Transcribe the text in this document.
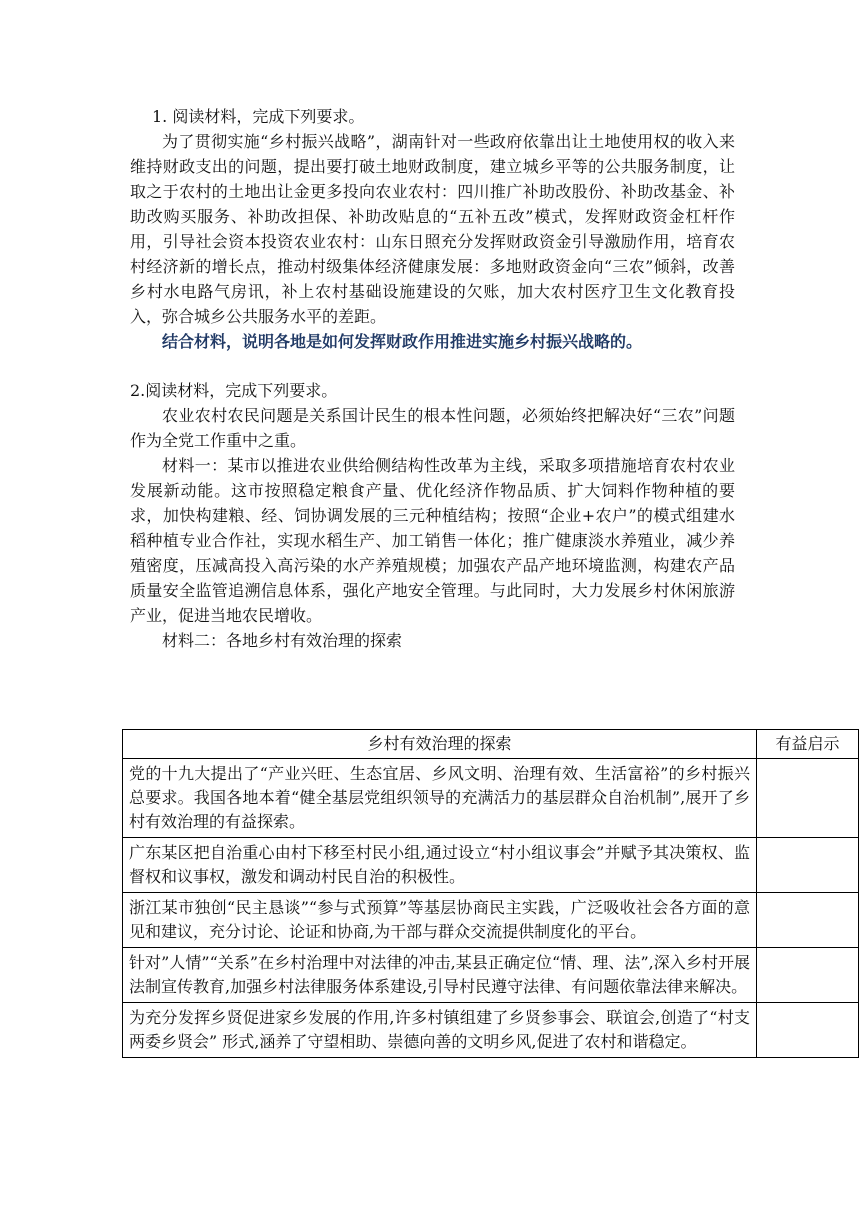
1. 阅读材料，完成下列要求。

为了贯彻实施“乡村振兴战略”，湖南针对一些政府依靠出让土地使用权的收入来维持财政支出的问题，提出要打破土地财政制度，建立城乡平等的公共服务制度，让取之于农村的土地出让金更多投向农业农村：四川推广补助改股份、补助改基金、补助改购买服务、补助改担保、补助改贴息的“五补五改”模式，发挥财政资金杠杆作用，引导社会资本投资农业农村：山东日照充分发挥财政资金引导激励作用，培育农村经济新的增长点，推动村级集体经济健康发展：多地财政资金向“三农”倾斜，改善乡村水电路气房讯，补上农村基础设施建设的欠账，加大农村医疗卫生文化教育投入，弥合城乡公共服务水平的差距。

结合材料，说明各地是如何发挥财政作用推进实施乡村振兴战略的。

2.阅读材料，完成下列要求。

农业农村农民问题是关系国计民生的根本性问题，必须始终把解决好“三农”问题作为全党工作重中之重。

材料一：某市以推进农业供给侧结构性改革为主线，采取多项措施培育农村农业发展新动能。这市按照稳定粮食产量、优化经济作物品质、扩大饲料作物种植的要求，加快构建粮、经、饲协调发展的三元种植结构；按照“企业+农户”的模式组建水稻种植专业合作社，实现水稻生产、加工销售一体化；推广健康淡水养殖业，减少养殖密度，压减高投入高污染的水产养殖规模；加强农产品产地环境监测，构建农产品质量安全监管追溯信息体系，强化产地安全管理。与此同时，大力发展乡村休闲旅游产业，促进当地农民增收。

材料二：各地乡村有效治理的探索

乡村有效治理的探索	有益启示
党的十九大提出了“产业兴旺、生态宜居、乡风文明、治理有效、生活富裕”的乡村振兴总要求。我国各地本着“健全基层党组织领导的充满活力的基层群众自治机制”,展开了乡村有效治理的有益探索。	
广东某区把自治重心由村下移至村民小组,通过设立“村小组议事会”并赋予其决策权、监督权和议事权，激发和调动村民自治的积极性。	
浙江某市独创“民主恳谈”“参与式预算”等基层协商民主实践，广泛吸收社会各方面的意见和建议，充分讨论、论证和协商,为干部与群众交流提供制度化的平台。	
针对”人情”“关系”在乡村治理中对法律的冲击,某县正确定位“情、理、法”,深入乡村开展法制宣传教育,加强乡村法律服务体系建设,引导村民遵守法律、有问题依靠法律来解决。	
为充分发挥乡贤促进家乡发展的作用,许多村镇组建了乡贤参事会、联谊会,创造了“村支两委乡贤会” 形式,涵养了守望相助、崇德向善的文明乡风,促进了农村和谐稳定。	
